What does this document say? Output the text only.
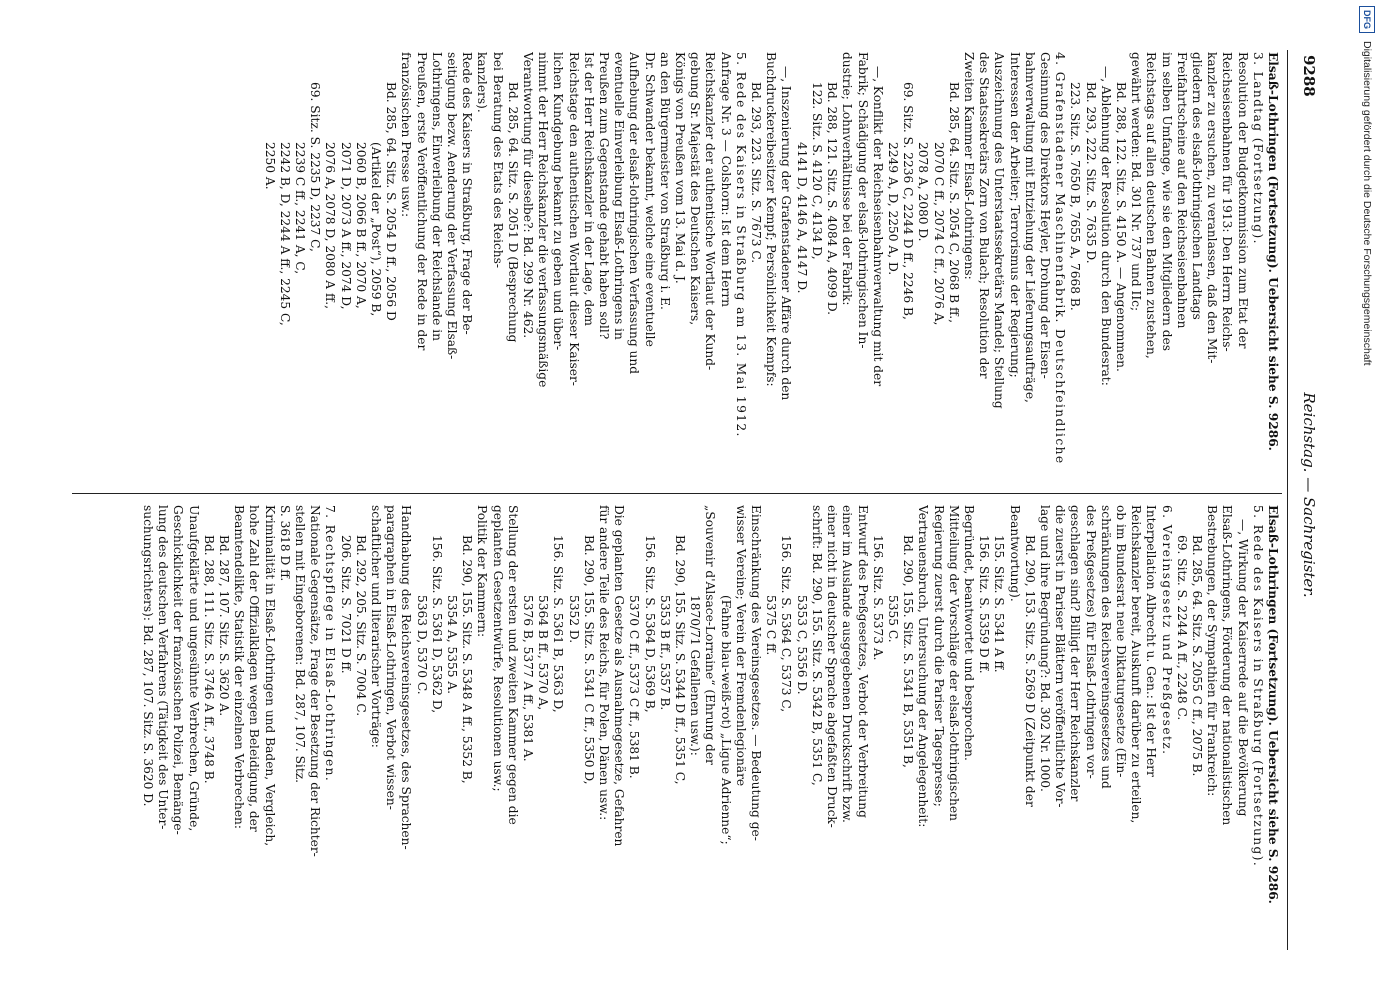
9288
Reichstag. — Sachregister.
Elsaß-Lothringen (Fortsetzung). Uebersicht siehe S. 9286.
3. Landtag (Fortsetzung).
Resolution der Budgetkommission zum Etat der
Reichseisenbahnen für 1913: Den Herrn Reichs-
kanzler zu ersuchen, zu veranlassen, daß den Mit-
gliedern des elsaß-lothringischen Landtags
Freifahrtscheine auf den Reichseisenbahnen
im selben Umfange, wie sie den Mitgliedern des
Reichstags auf allen deutschen Bahnen zustehen,
gewährt werden: Bd. 301 Nr. 737 und IIc;
Bd. 288, 122. Sitz. S. 4150 A. — Angenommen.
—, Ablehnung der Resolution durch den Bundesrat:
Bd. 293, 222. Sitz. S. 7635 D.
223. Sitz. S. 7650 B, 7655 A, 7668 B.
4. Grafenstadener Maschinenfabrik. Deutschfeindliche
Gesinnung des Direktors Heyler, Drohung der Eisen-
bahnverwaltung mit Entziehung der Lieferungsaufträge,
Interessen der Arbeiter; Terrorismus der Regierung;
Auszeichnung des Unterstaatssekretärs Mandel; Stellung
des Staatssekretärs Zorn von Bulach; Resolution der
Zweiten Kammer Elsaß-Lothringens:
Bd. 285, 64. Sitz. S. 2054 C, 2068 B ff.,
2070 C ff., 2074 C ff., 2076 A,
2078 A, 2080 D.
69. Sitz. S. 2236 C, 2244 D ff., 2246 B,
2249 A, D, 2250 A, D.
—, Konflikt der Reichseisenbahnverwaltung mit der
Fabrik; Schädigung der elsaß-lothringischen In-
dustrie; Lohnverhältnisse bei der Fabrik:
Bd. 288, 121. Sitz. S. 4084 A, 4099 D.
122. Sitz. S. 4120 C, 4134 D,
4141 D, 4146 A, 4147 D.
—, Inszenierung der Grafenstadener Affäre durch den
Buchdruckereibesitzer Kempf; Persönlichkeit Kempfs:
Bd. 293, 223. Sitz. S. 7673 C.
5. Rede des Kaisers in Straßburg am 13. Mai 1912.
Anfrage Nr. 3 — Colshorn: Ist dem Herrn
Reichskanzler der authentische Wortlaut der Kund-
gebung Sr. Majestät des Deutschen Kaisers,
Königs von Preußen vom 13. Mai d. J.
an den Bürgermeister von Straßburg i. E.
Dr. Schwander bekannt, welche eine eventuelle
Aufhebung der elsaß-lothringischen Verfassung und
eventuelle Einverleibung Elsaß-Lothringens in
Preußen zum Gegenstande gehabt haben soll?
Ist der Herr Reichskanzler in der Lage, dem
Reichstage den authentischen Wortlaut dieser Kaiser-
lichen Kundgebung bekannt zu geben und über-
nimmt der Herr Reichskanzler die verfassungsmäßige
Verantwortung für dieselbe?: Bd. 299 Nr. 462.
Bd. 285, 64. Sitz. S. 2051 D (Besprechung
bei Beratung des Etats des Reichs-
kanzlers).
Rede des Kaisers in Straßburg, Frage der Be-
seitigung bezw. Aenderung der Verfassung Elsaß-
Lothringens, Einverleibung der Reichslande in
Preußen, erste Veröffentlichung der Rede in der
französischen Presse usw.:
Bd. 285, 64. Sitz. S. 2054 D ff., 2056 D
(Artikel der „Post“), 2059 B,
2060 B, 2066 B ff., 2070 A,
2071 D, 2073 A ff., 2074 D,
2076 A, 2078 D, 2080 A ff.,
69. Sitz. S. 2235 D, 2237 C,
2239 C ff., 2241 A, C,
2242 B, D, 2244 A ff., 2245 C,
2250 A.
Elsaß-Lothringen (Fortsetzung). Uebersicht siehe S. 9286.
5. Rede des Kaisers in Straßburg (Fortsetzung).
—, Wirkung der Kaiserrede auf die Bevölkerung
Elsaß-Lothringens, Förderung der nationalistischen
Bestrebungen, der Sympathien für Frankreich:
Bd. 285, 64. Sitz. S. 2055 C ff., 2075 B.
69. Sitz. S. 2244 A ff., 2248 C.
6. Vereinsgesetz und Preßgesetz.
Interpellation Albrecht u. Gen.: Ist der Herr
Reichskanzler bereit, Auskunft darüber zu erteilen,
ob im Bundesrat neue Diktaturgesetze (Ein-
schränkungen des Reichsvereinsgesetzes und
des Preßgesetzes) für Elsaß-Lothringen vor-
geschlagen sind? Billigt der Herr Reichskanzler
die zuerst in Pariser Blättern veröffentlichte Vor-
lage und ihre Begründung?: Bd. 302 Nr. 1000.
Bd. 290, 153. Sitz. S. 5269 D (Zeitpunkt der
Beantwortung).
155. Sitz. S. 5341 A ff.
156. Sitz. S. 5359 D ff.
Begründet, beantwortet und besprochen.
Mitteilung der Vorschläge der elsaß-lothringischen
Regierung zuerst durch die Pariser Tagespresse;
Vertrauensbruch, Untersuchung der Angelegenheit:
Bd. 290, 155. Sitz. S. 5341 B, 5351 B,
5355 C.
156. Sitz. S. 5373 A.
Entwurf des Preßgesetzes, Verbot der Verbreitung
einer im Auslande ausgegebenen Druckschrift bzw.
einer nicht in deutscher Sprache abgefaßten Druck-
schrift: Bd. 290, 155. Sitz. S. 5342 B, 5351 C,
5353 C, 5356 D.
156. Sitz. S. 5364 C, 5373 C,
5375 C ff.
Einschränkung des Vereinsgesetzes. — Bedeutung ge-
wisser Vereine; Verein der Fremdenlegionäre
(Fahne blau-weiß-rot) „Ligue Adrienne“;
„Souvenir d'Alsace-Lorraine“ (Ehrung der
1870/71 Gefallenen usw.):
Bd. 290, 155. Sitz. S. 5344 D ff., 5351 C,
5353 B ff., 5357 B.
156. Sitz. S. 5364 D, 5369 B,
5370 C ff., 5373 C ff., 5381 B.
Die geplanten Gesetze als Ausnahmegesetze, Gefahren
für andere Teile des Reichs, für Polen, Dänen usw.:
Bd. 290, 155. Sitz. S. 5341 C ff., 5350 D,
5352 D.
156. Sitz. S. 5361 B, 5363 D,
5364 B ff., 5370 A,
5376 B, 5377 A ff., 5381 A.
Stellung der ersten und zweiten Kammer gegen die
geplanten Gesetzentwürfe, Resolutionen usw.;
Politik der Kammern:
Bd. 290, 155. Sitz. S. 5348 A ff., 5352 B,
5354 A, 5355 A.
156. Sitz. S. 5361 D, 5362 D,
5363 D, 5370 C.
Handhabung des Reichsvereinsgesetzes, des Sprachen-
paragraphen in Elsaß-Lothringen, Verbot wissen-
schaftlicher und literarischer Vorträge:
Bd. 292, 205. Sitz. S. 7004 C.
206. Sitz. S. 7021 D ff.
7. Rechtspflege in Elsaß-Lothringen.
Nationale Gegensätze, Frage der Besetzung der Richter-
stellen mit Eingeborenen: Bd. 287, 107. Sitz.
S. 3618 D ff.
Kriminalität in Elsaß-Lothringen und Baden, Vergleich,
hohe Zahl der Offizialklagen wegen Beleidigung, der
Beamtendelikte, Statistik der einzelnen Verbrechen:
Bd. 287, 107. Sitz. S. 3620 A.
Bd. 288, 111. Sitz. S. 3746 A ff., 3748 B.
Unaufgeklärte und ungesühnte Verbrechen, Gründe,
Geschicklichkeit der französischen Polizei, Bemänge-
lung des deutschen Verfahrens (Tätigkeit des Unter-
suchungsrichters): Bd. 287, 107. Sitz. S. 3620 D.
DFG
Digitalisierung gefördert durch die Deutsche Forschungsgemeinschaft
